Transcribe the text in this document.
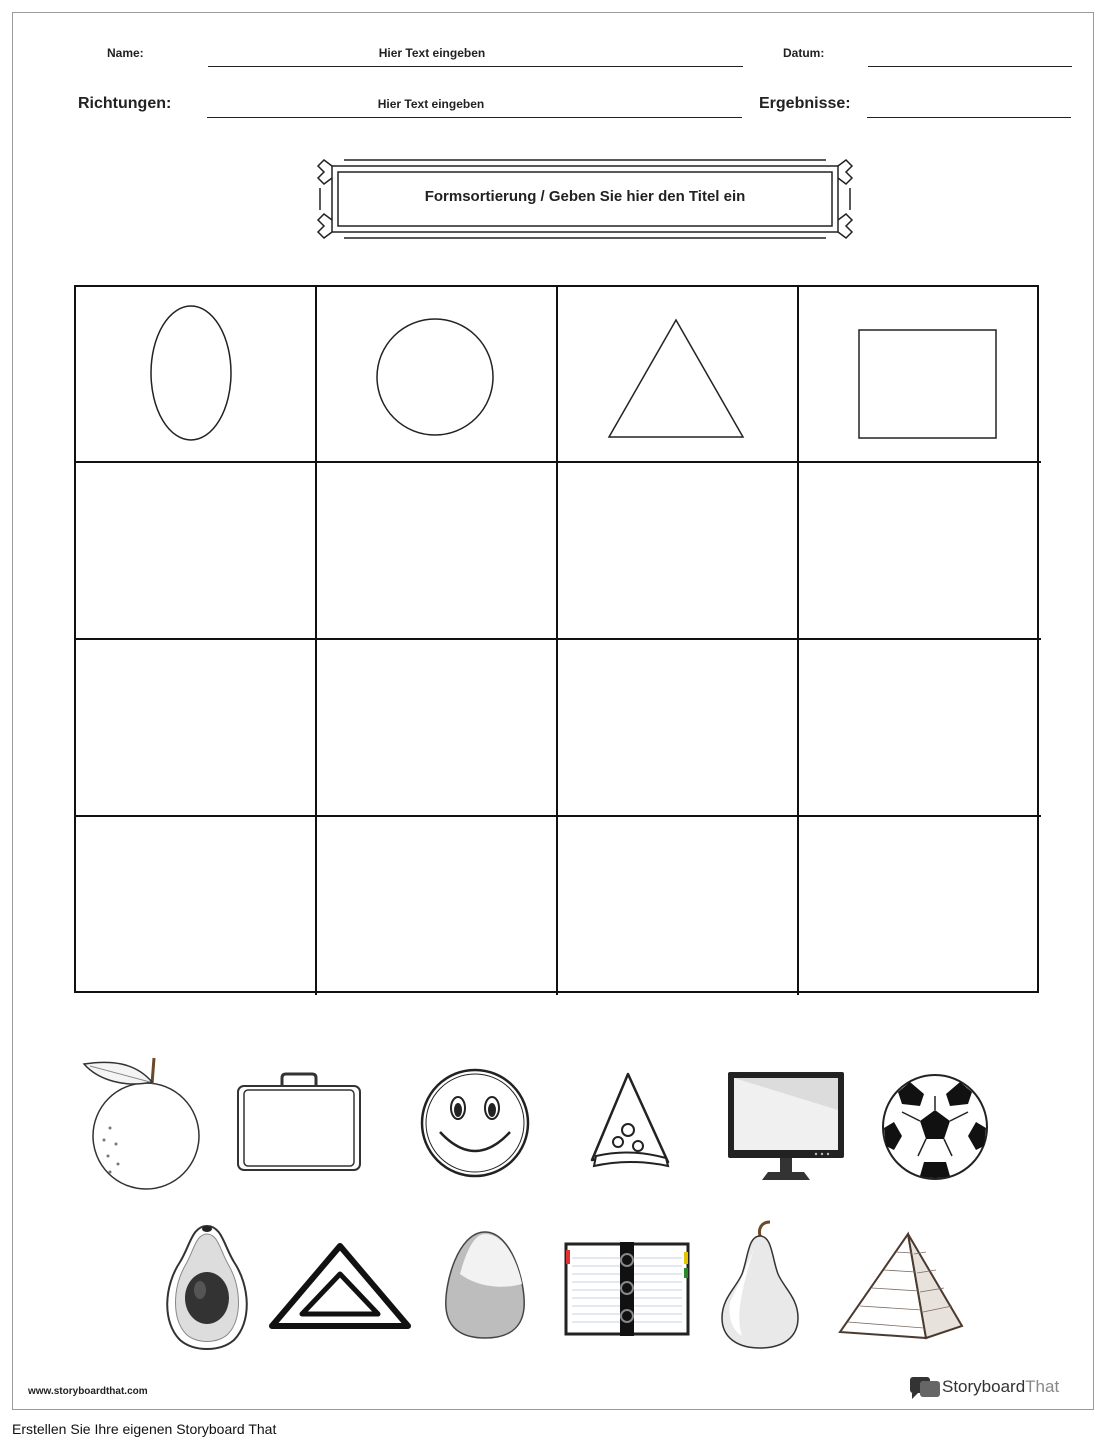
Name:	Hier Text eingeben	Datum:
Richtungen:	Hier Text eingeben	Ergebnisse:
Formsortierung / Geben Sie hier den Titel ein
www.storyboardthat.com	Storyboard That
Erstellen Sie Ihre eigenen Storyboard That
